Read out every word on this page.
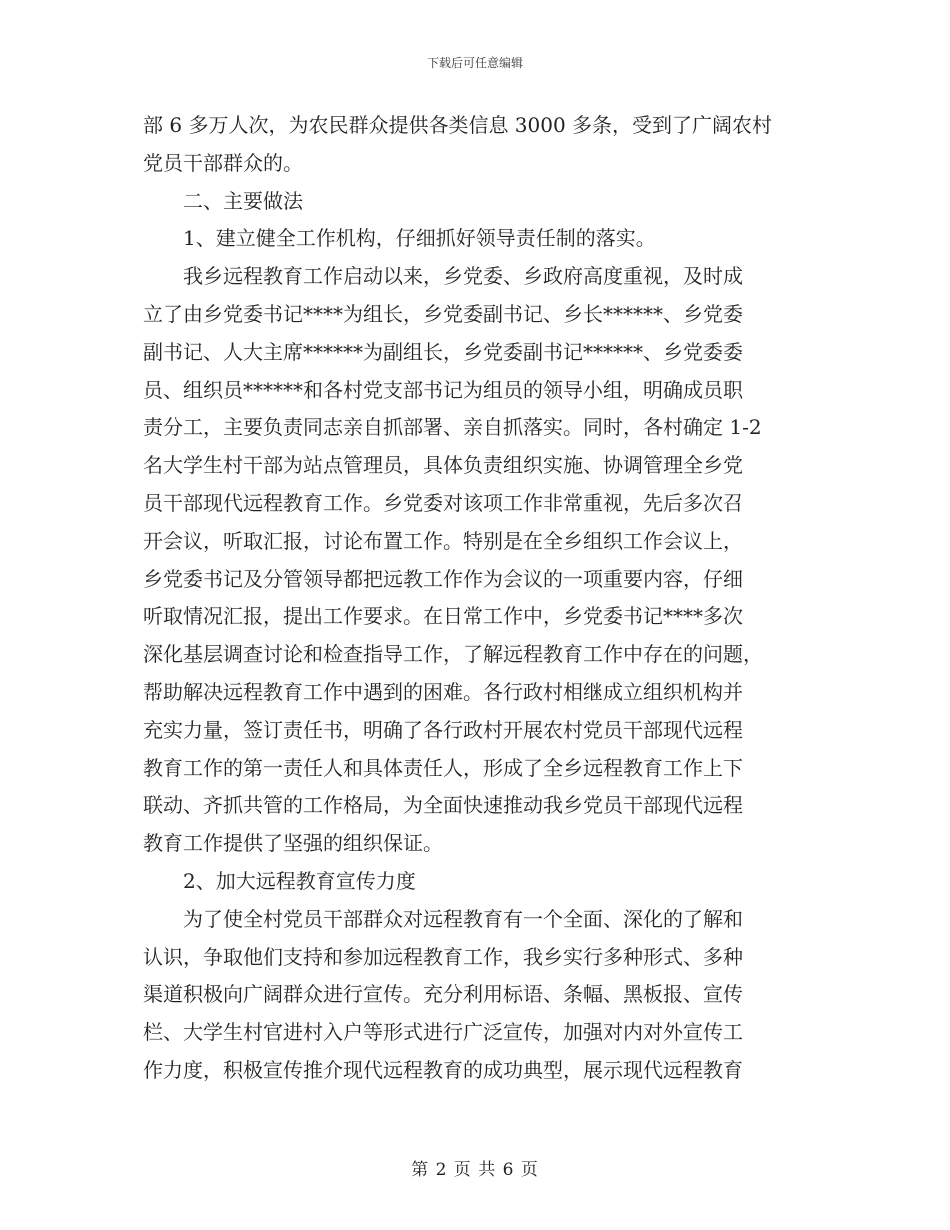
下载后可任意编辑
部 6 多万人次，为农民群众提供各类信息 3000 多条，受到了广阔农村
党员干部群众的。
　　二、主要做法
　　1、建立健全工作机构，仔细抓好领导责任制的落实。
　　我乡远程教育工作启动以来，乡党委、乡政府高度重视，及时成
立了由乡党委书记****为组长，乡党委副书记、乡长******、乡党委
副书记、人大主席******为副组长，乡党委副书记******、乡党委委
员、组织员******和各村党支部书记为组员的领导小组，明确成员职
责分工，主要负责同志亲自抓部署、亲自抓落实。同时，各村确定 1-2
名大学生村干部为站点管理员，具体负责组织实施、协调管理全乡党
员干部现代远程教育工作。乡党委对该项工作非常重视，先后多次召
开会议，听取汇报，讨论布置工作。特别是在全乡组织工作会议上，
乡党委书记及分管领导都把远教工作作为会议的一项重要内容，仔细
听取情况汇报，提出工作要求。在日常工作中，乡党委书记****多次
深化基层调查讨论和检查指导工作，了解远程教育工作中存在的问题，
帮助解决远程教育工作中遇到的困难。各行政村相继成立组织机构并
充实力量，签订责任书，明确了各行政村开展农村党员干部现代远程
教育工作的第一责任人和具体责任人，形成了全乡远程教育工作上下
联动、齐抓共管的工作格局，为全面快速推动我乡党员干部现代远程
教育工作提供了坚强的组织保证。
　　2、加大远程教育宣传力度
　　为了使全村党员干部群众对远程教育有一个全面、深化的了解和
认识，争取他们支持和参加远程教育工作，我乡实行多种形式、多种
渠道积极向广阔群众进行宣传。充分利用标语、条幅、黑板报、宣传
栏、大学生村官进村入户等形式进行广泛宣传，加强对内对外宣传工
作力度，积极宣传推介现代远程教育的成功典型，展示现代远程教育
第 2 页 共 6 页
